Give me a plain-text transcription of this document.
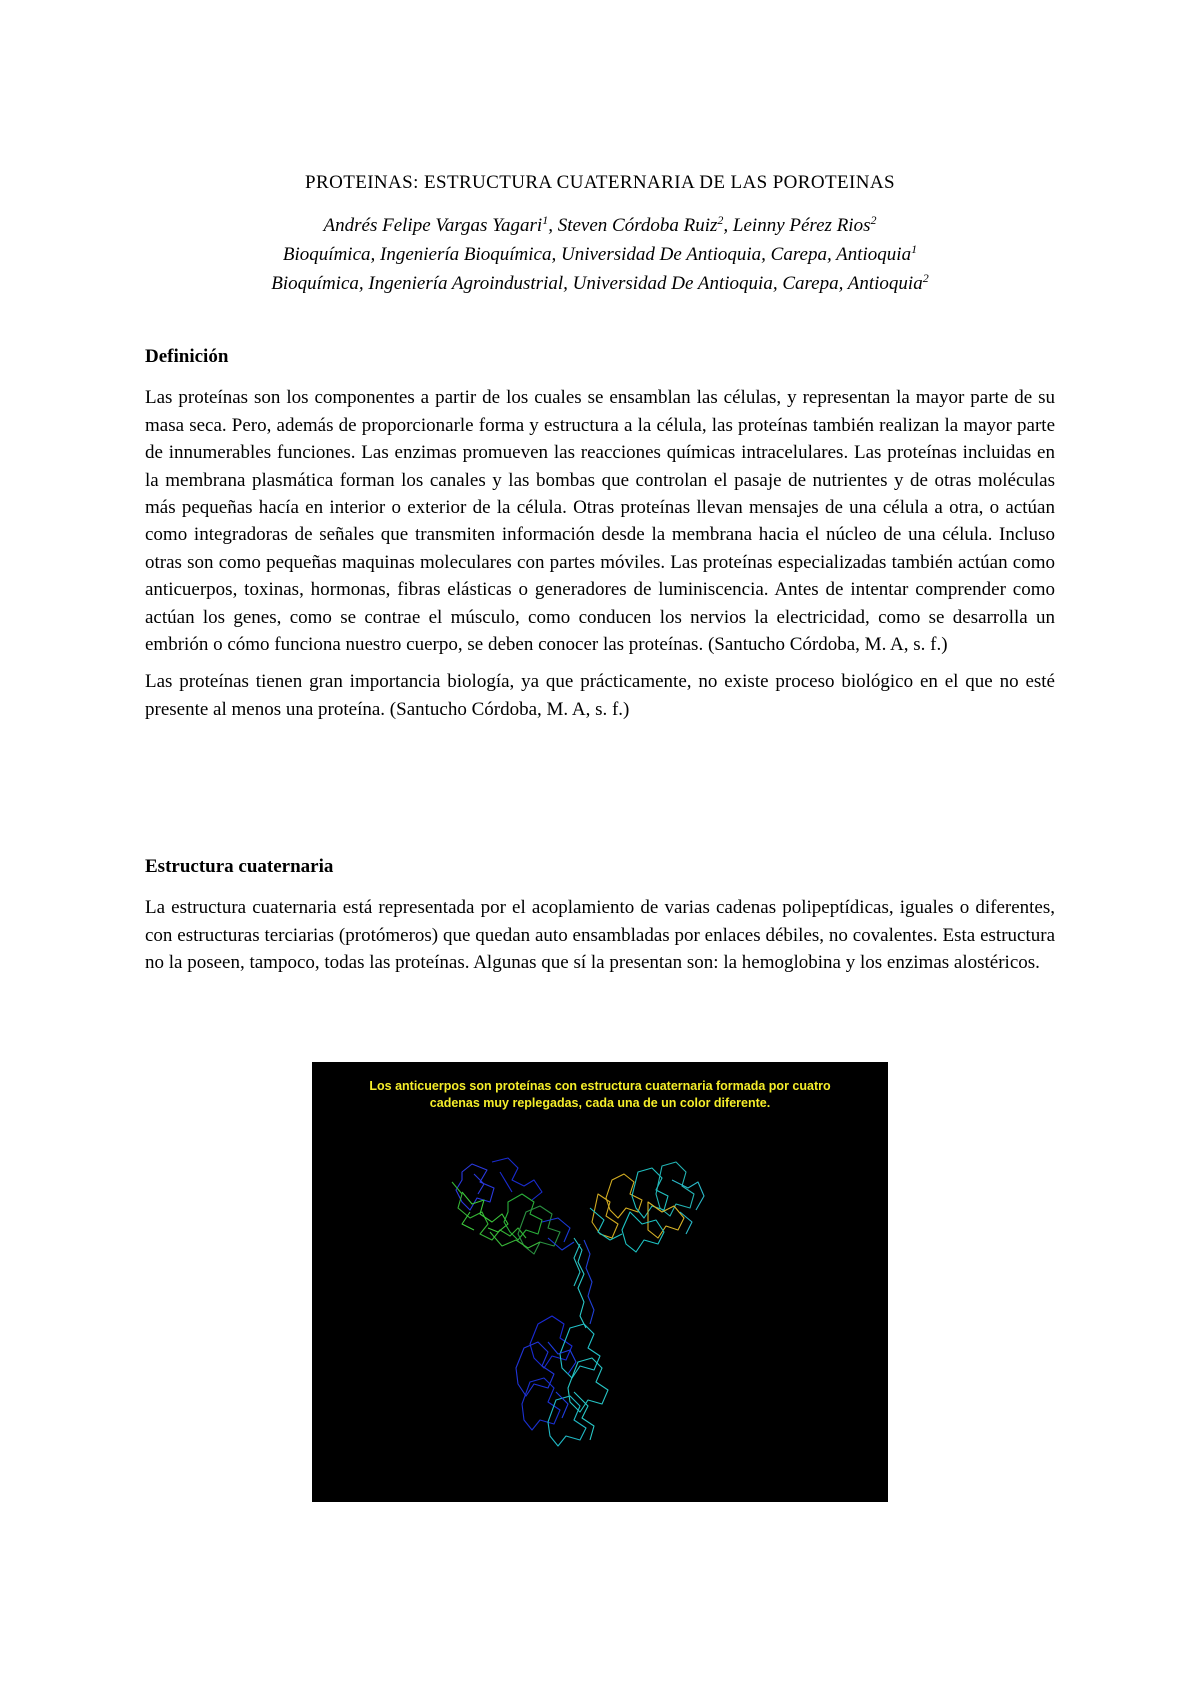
PROTEINAS: ESTRUCTURA CUATERNARIA DE LAS POROTEINAS
Andrés Felipe Vargas Yagari$^1$, Steven Córdoba Ruiz$^2$, Leinny Pérez Rios$^2$
Bioquímica, Ingeniería Bioquímica, Universidad De Antioquia, Carepa, Antioquia$^1$
Bioquímica, Ingeniería Agroindustrial, Universidad De Antioquia, Carepa, Antioquia$^2$

Definición

Las proteínas son los componentes a partir de los cuales se ensamblan las células, y representan la mayor parte de su masa seca. Pero, además de proporcionarle forma y estructura a la célula, las proteínas también realizan la mayor parte de innumerables funciones. Las enzimas promueven las reacciones químicas intracelulares. Las proteínas incluidas en la membrana plasmática forman los canales y las bombas que controlan el pasaje de nutrientes y de otras moléculas más pequeñas hacía en interior o exterior de la célula. Otras proteínas llevan mensajes de una célula a otra, o actúan como integradoras de señales que transmiten información desde la membrana hacia el núcleo de una célula. Incluso otras son como pequeñas maquinas moleculares con partes móviles. Las proteínas especializadas también actúan como anticuerpos, toxinas, hormonas, fibras elásticas o generadores de luminiscencia. Antes de intentar comprender como actúan los genes, como se contrae el músculo, como conducen los nervios la electricidad, como se desarrolla un embrión o cómo funciona nuestro cuerpo, se deben conocer las proteínas. (Santucho Córdoba, M. A, s. f.)

Las proteínas tienen gran importancia biología, ya que prácticamente, no existe proceso biológico en el que no esté presente al menos una proteína. (Santucho Córdoba, M. A, s. f.)

Estructura cuaternaria

La estructura cuaternaria está representada por el acoplamiento de varias cadenas polipeptídicas, iguales o diferentes, con estructuras terciarias (protómeros) que quedan auto ensambladas por enlaces débiles, no covalentes. Esta estructura no la poseen, tampoco, todas las proteínas. Algunas que sí la presentan son: la hemoglobina y los enzimas alostéricos.

Los anticuerpos son proteínas con estructura cuaternaria formada por cuatro
cadenas muy replegadas, cada una de un color diferente.
